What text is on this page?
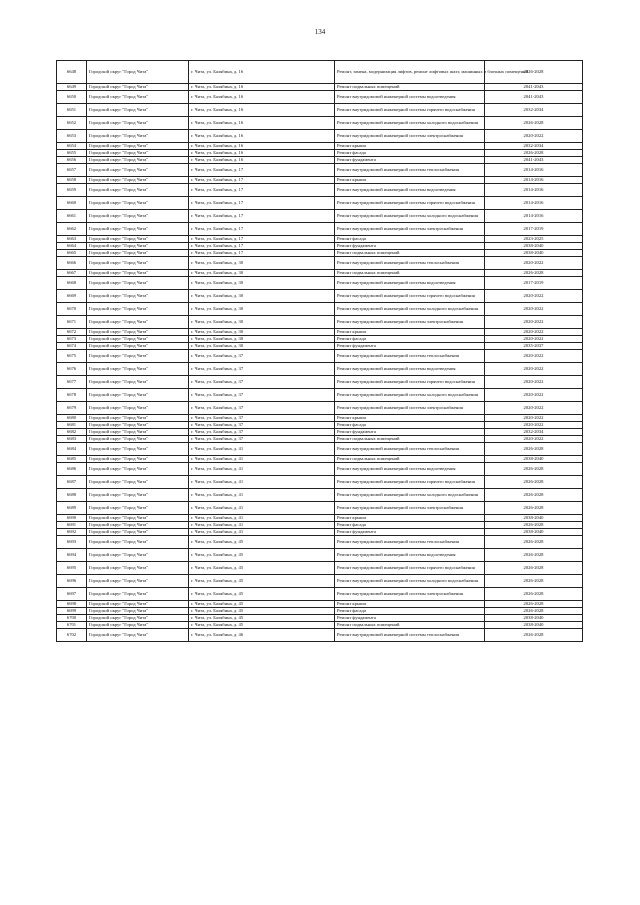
134
6648	Городской округ "Город Чита"	г. Чита, ул. Балябина, д. 16	Ремонт, замена, модернизация лифтов, ремонт лифтовых шахт, машинных и блочных помещений	2026-2028
6649	Городской округ "Город Чита"	г. Чита, ул. Балябина, д. 16	Ремонт подвальных помещений	2041-2043
6650	Городской округ "Город Чита"	г. Чита, ул. Балябина, д. 16	Ремонт внутридомовой инженерной системы водоотведения	2041-2043
6651	Городской округ "Город Чита"	г. Чита, ул. Балябина, д. 16	Ремонт внутридомовой инженерной системы горячего водоснабжения	2032-2034
6652	Городской округ "Город Чита"	г. Чита, ул. Балябина, д. 16	Ремонт внутридомовой инженерной системы холодного водоснабжения	2026-2028
6653	Городской округ "Город Чита"	г. Чита, ул. Балябина, д. 16	Ремонт внутридомовой инженерной системы электроснабжения	2020-2022
6654	Городской округ "Город Чита"	г. Чита, ул. Балябина, д. 16	Ремонт крыши	2032-2034
6655	Городской округ "Город Чита"	г. Чита, ул. Балябина, д. 16	Ремонт фасада	2026-2028
6656	Городской округ "Город Чита"	г. Чита, ул. Балябина, д. 16	Ремонт фундамента	2041-2043
6657	Городской округ "Город Чита"	г. Чита, ул. Балябина, д. 17	Ремонт внутридомовой инженерной системы теплоснабжения	2014-2016
6658	Городской округ "Город Чита"	г. Чита, ул. Балябина, д. 17	Ремонт крыши	2014-2016
6659	Городской округ "Город Чита"	г. Чита, ул. Балябина, д. 17	Ремонт внутридомовой инженерной системы водоотведения	2014-2016
6660	Городской округ "Город Чита"	г. Чита, ул. Балябина, д. 17	Ремонт внутридомовой инженерной системы горячего водоснабжения	2014-2016
6661	Городской округ "Город Чита"	г. Чита, ул. Балябина, д. 17	Ремонт внутридомовой инженерной системы холодного водоснабжения	2014-2016
6662	Городской округ "Город Чита"	г. Чита, ул. Балябина, д. 17	Ремонт внутридомовой инженерной системы электроснабжения	2017-2019
6663	Городской округ "Город Чита"	г. Чита, ул. Балябина, д. 17	Ремонт фасада	2023-2025
6664	Городской округ "Город Чита"	г. Чита, ул. Балябина, д. 17	Ремонт фундамента	2038-2040
6665	Городской округ "Город Чита"	г. Чита, ул. Балябина, д. 17	Ремонт подвальных помещений	2038-2040
6666	Городской округ "Город Чита"	г. Чита, ул. Балябина, д. 30	Ремонт внутридомовой инженерной системы теплоснабжения	2020-2022
6667	Городской округ "Город Чита"	г. Чита, ул. Балябина, д. 30	Ремонт подвальных помещений	2026-2028
6668	Городской округ "Город Чита"	г. Чита, ул. Балябина, д. 30	Ремонт внутридомовой инженерной системы водоотведения	2017-2019
6669	Городской округ "Город Чита"	г. Чита, ул. Балябина, д. 30	Ремонт внутридомовой инженерной системы горячего водоснабжения	2020-2022
6670	Городской округ "Город Чита"	г. Чита, ул. Балябина, д. 30	Ремонт внутридомовой инженерной системы холодного водоснабжения	2020-2022
6671	Городской округ "Город Чита"	г. Чита, ул. Балябина, д. 30	Ремонт внутридомовой инженерной системы электроснабжения	2020-2022
6672	Городской округ "Город Чита"	г. Чита, ул. Балябина, д. 30	Ремонт крыши	2020-2022
6673	Городской округ "Город Чита"	г. Чита, ул. Балябина, д. 30	Ремонт фасада	2020-2022
6674	Городской округ "Город Чита"	г. Чита, ул. Балябина, д. 30	Ремонт фундамента	2035-2037
6675	Городской округ "Город Чита"	г. Чита, ул. Балябина, д. 37	Ремонт внутридомовой инженерной системы теплоснабжения	2020-2022
6676	Городской округ "Город Чита"	г. Чита, ул. Балябина, д. 37	Ремонт внутридомовой инженерной системы водоотведения	2020-2022
6677	Городской округ "Город Чита"	г. Чита, ул. Балябина, д. 37	Ремонт внутридомовой инженерной системы горячего водоснабжения	2020-2022
6678	Городской округ "Город Чита"	г. Чита, ул. Балябина, д. 37	Ремонт внутридомовой инженерной системы холодного водоснабжения	2020-2022
6679	Городской округ "Город Чита"	г. Чита, ул. Балябина, д. 37	Ремонт внутридомовой инженерной системы электроснабжения	2020-2022
6680	Городской округ "Город Чита"	г. Чита, ул. Балябина, д. 37	Ремонт крыши	2020-2022
6681	Городской округ "Город Чита"	г. Чита, ул. Балябина, д. 37	Ремонт фасада	2020-2022
6682	Городской округ "Город Чита"	г. Чита, ул. Балябина, д. 37	Ремонт фундамента	2032-2034
6683	Городской округ "Город Чита"	г. Чита, ул. Балябина, д. 37	Ремонт подвальных помещений	2020-2022
6684	Городской округ "Город Чита"	г. Чита, ул. Балябина, д. 41	Ремонт внутридомовой инженерной системы теплоснабжения	2026-2028
6685	Городской округ "Город Чита"	г. Чита, ул. Балябина, д. 41	Ремонт подвальных помещений	2038-2040
6686	Городской округ "Город Чита"	г. Чита, ул. Балябина, д. 41	Ремонт внутридомовой инженерной системы водоотведения	2026-2028
6687	Городской округ "Город Чита"	г. Чита, ул. Балябина, д. 41	Ремонт внутридомовой инженерной системы горячего водоснабжения	2026-2028
6688	Городской округ "Город Чита"	г. Чита, ул. Балябина, д. 41	Ремонт внутридомовой инженерной системы холодного водоснабжения	2026-2028
6689	Городской округ "Город Чита"	г. Чита, ул. Балябина, д. 41	Ремонт внутридомовой инженерной системы электроснабжения	2026-2028
6690	Городской округ "Город Чита"	г. Чита, ул. Балябина, д. 41	Ремонт крыши	2038-2040
6691	Городской округ "Город Чита"	г. Чита, ул. Балябина, д. 41	Ремонт фасада	2026-2028
6692	Городской округ "Город Чита"	г. Чита, ул. Балябина, д. 41	Ремонт фундамента	2038-2040
6693	Городской округ "Город Чита"	г. Чита, ул. Балябина, д. 45	Ремонт внутридомовой инженерной системы теплоснабжения	2026-2028
6694	Городской округ "Город Чита"	г. Чита, ул. Балябина, д. 45	Ремонт внутридомовой инженерной системы водоотведения	2026-2028
6695	Городской округ "Город Чита"	г. Чита, ул. Балябина, д. 45	Ремонт внутридомовой инженерной системы горячего водоснабжения	2026-2028
6696	Городской округ "Город Чита"	г. Чита, ул. Балябина, д. 45	Ремонт внутридомовой инженерной системы холодного водоснабжения	2026-2028
6697	Городской округ "Город Чита"	г. Чита, ул. Балябина, д. 45	Ремонт внутридомовой инженерной системы электроснабжения	2026-2028
6698	Городской округ "Город Чита"	г. Чита, ул. Балябина, д. 45	Ремонт крыши	2026-2028
6699	Городской округ "Город Чита"	г. Чита, ул. Балябина, д. 45	Ремонт фасада	2026-2028
6700	Городской округ "Город Чита"	г. Чита, ул. Балябина, д. 45	Ремонт фундамента	2038-2040
6701	Городской округ "Город Чита"	г. Чита, ул. Балябина, д. 45	Ремонт подвальных помещений	2038-2040
6702	Городской округ "Город Чита"	г. Чита, ул. Балябина, д. 46	Ремонт внутридомовой инженерной системы теплоснабжения	2026-2028
